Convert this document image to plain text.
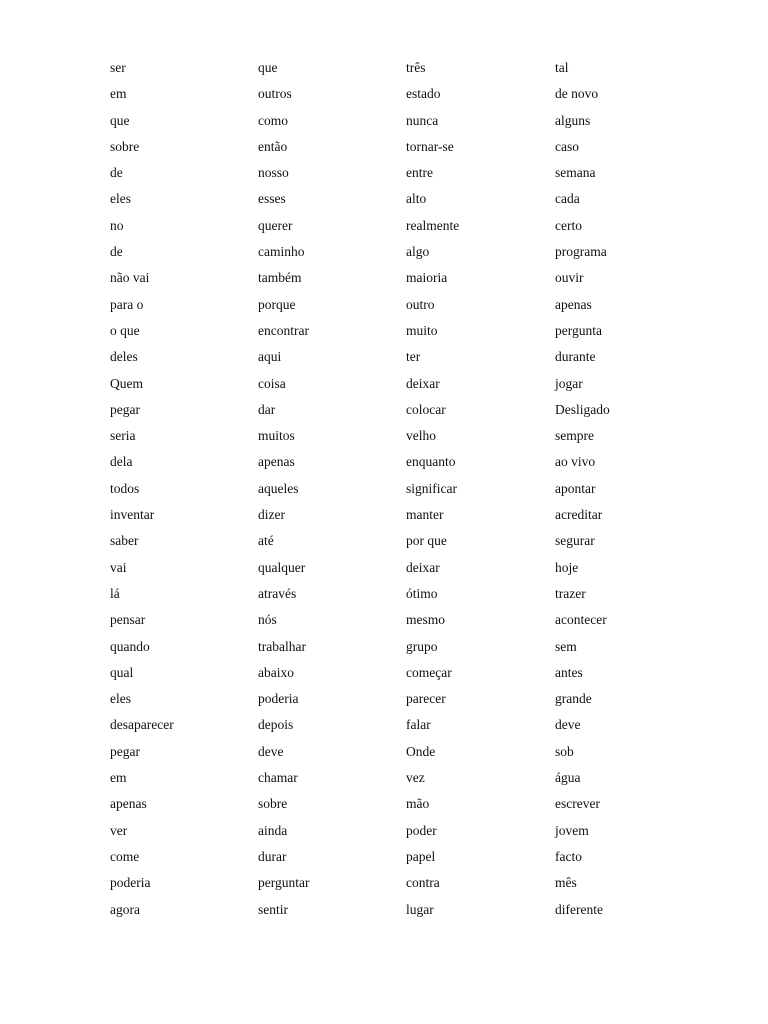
ser
em
que
sobre
de
eles
no
de
não vai
para o
o que
deles
Quem
pegar
seria
dela
todos
inventar
saber
vai
lá
pensar
quando
qual
eles
desaparecer
pegar
em
apenas
ver
come
poderia
agora
que
outros
como
então
nosso
esses
querer
caminho
também
porque
encontrar
aqui
coisa
dar
muitos
apenas
aqueles
dizer
até
qualquer
através
nós
trabalhar
abaixo
poderia
depois
deve
chamar
sobre
ainda
durar
perguntar
sentir
três
estado
nunca
tornar-se
entre
alto
realmente
algo
maioria
outro
muito
ter
deixar
colocar
velho
enquanto
significar
manter
por que
deixar
ótimo
mesmo
grupo
começar
parecer
falar
Onde
vez
mão
poder
papel
contra
lugar
tal
de novo
alguns
caso
semana
cada
certo
programa
ouvir
apenas
pergunta
durante
jogar
Desligado
sempre
ao vivo
apontar
acreditar
segurar
hoje
trazer
acontecer
sem
antes
grande
deve
sob
água
escrever
jovem
facto
mês
diferente
